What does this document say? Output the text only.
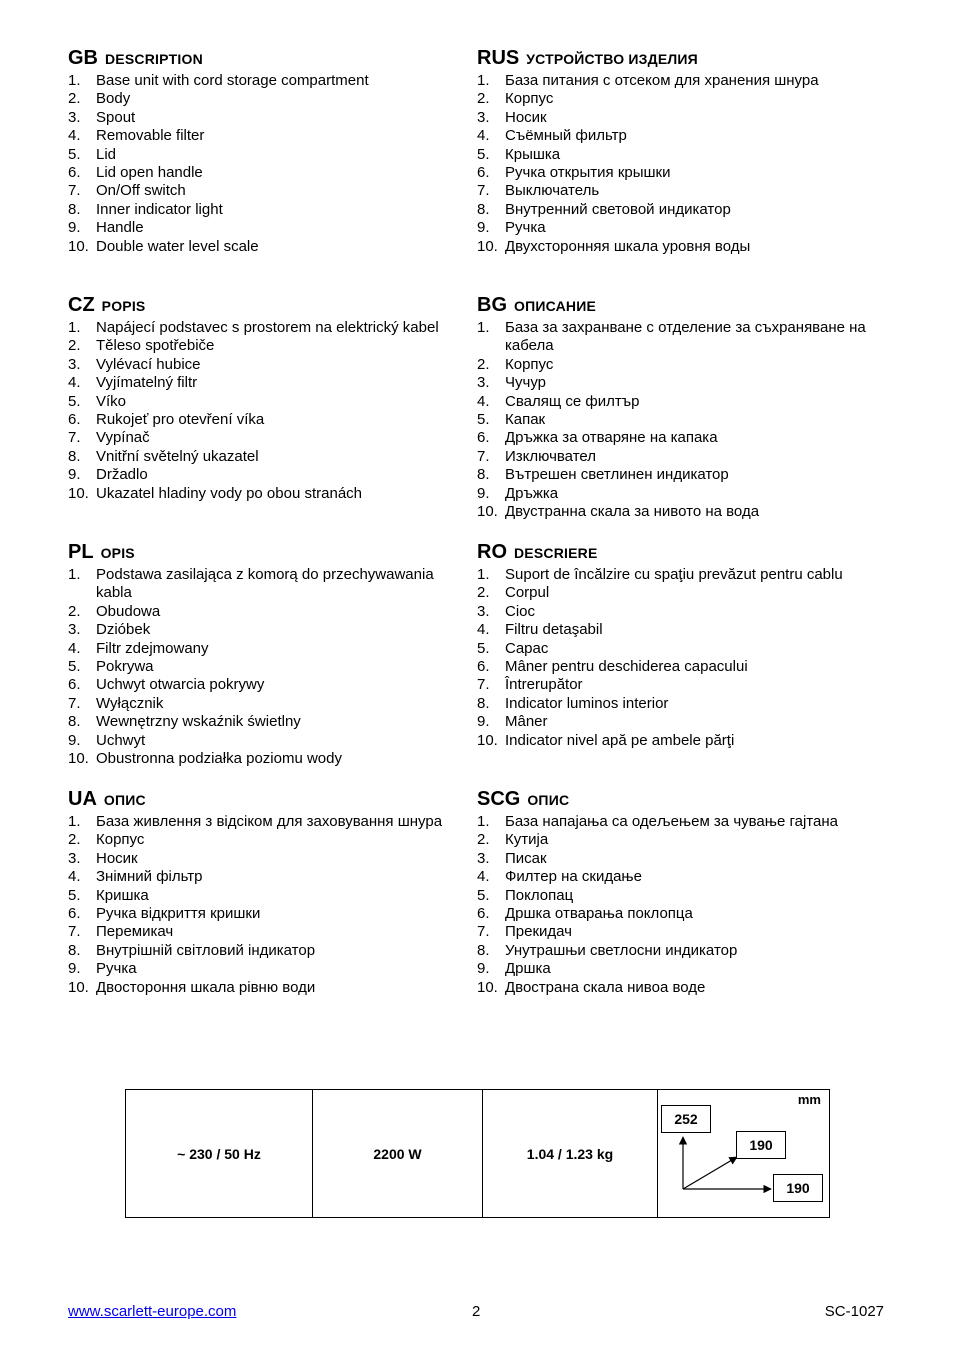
GB DESCRIPTION
1. Base unit with cord storage compartment
2. Body
3. Spout
4. Removable filter
5. Lid
6. Lid open handle
7. On/Off switch
8. Inner indicator light
9. Handle
10. Double water level scale
CZ POPIS
1. Napájecí podstavec s prostorem na elektrický kabel
2. Těleso spotřebiče
3. Vylévací hubice
4. Vyjímatelný filtr
5. Víko
6. Rukojeť pro otevření víka
7. Vypínač
8. Vnitřní světelný ukazatel
9. Držadlo
10. Ukazatel hladiny vody po obou stranách
PL OPIS
1. Podstawa zasilająca z komorą do przechywawania kabla
2. Obudowa
3. Dzióbek
4. Filtr zdejmowany
5. Pokrywa
6. Uchwyt otwarcia pokrywy
7. Wyłącznik
8. Wewnętrzny wskaźnik świetlny
9. Uchwyt
10. Obustronna podziałka poziomu wody
UA ОПИС
1. База живлення з відсіком для заховування шнура
2. Корпус
3. Носик
4. Знімний фільтр
5. Кришка
6. Ручка відкриття кришки
7. Перемикач
8. Внутрішній світловий індикатор
9. Ручка
10. Двостороння шкала рівню води
RUS УСТРОЙСТВО ИЗДЕЛИЯ
1. База питания с отсеком для хранения шнура
2. Корпус
3. Носик
4. Съёмный фильтр
5. Крышка
6. Ручка открытия крышки
7. Выключатель
8. Внутренний световой индикатор
9. Ручка
10. Двухсторонняя шкала уровня воды
BG ОПИСАНИЕ
1. База за захранване с отделение за съхраняване на кабела
2. Корпус
3. Чучур
4. Свалящ се филтър
5. Капак
6. Дръжка за отваряне на капака
7. Изключвател
8. Вътрешен светлинен индикатор
9. Дръжка
10. Двустранна скала за нивото на вода
RO DESCRIERE
1. Suport de încălzire cu spaţiu prevăzut pentru cablu
2. Corpul
3. Cioc
4. Filtru detaşabil
5. Capac
6. Mâner pentru deschiderea capacului
7. Întrerupător
8. Indicator luminos interior
9. Mâner
10. Indicator nivel apă pe ambele părţi
SCG ОПИС
1. База напајања са одељењем за чување гајтана
2. Кутија
3. Писак
4. Филтер на скидање
5. Поклопац
6. Дршка отварања поклопца
7. Прекидач
8. Унутрашњи светлосни индикатор
9. Дршка
10. Двострана скала нивоа воде
~ 230 / 50 Hz	2200 W	1.04 / 1.23 kg	
mm
252
190
190
www.scarlett-europe.com	2	SC-1027
